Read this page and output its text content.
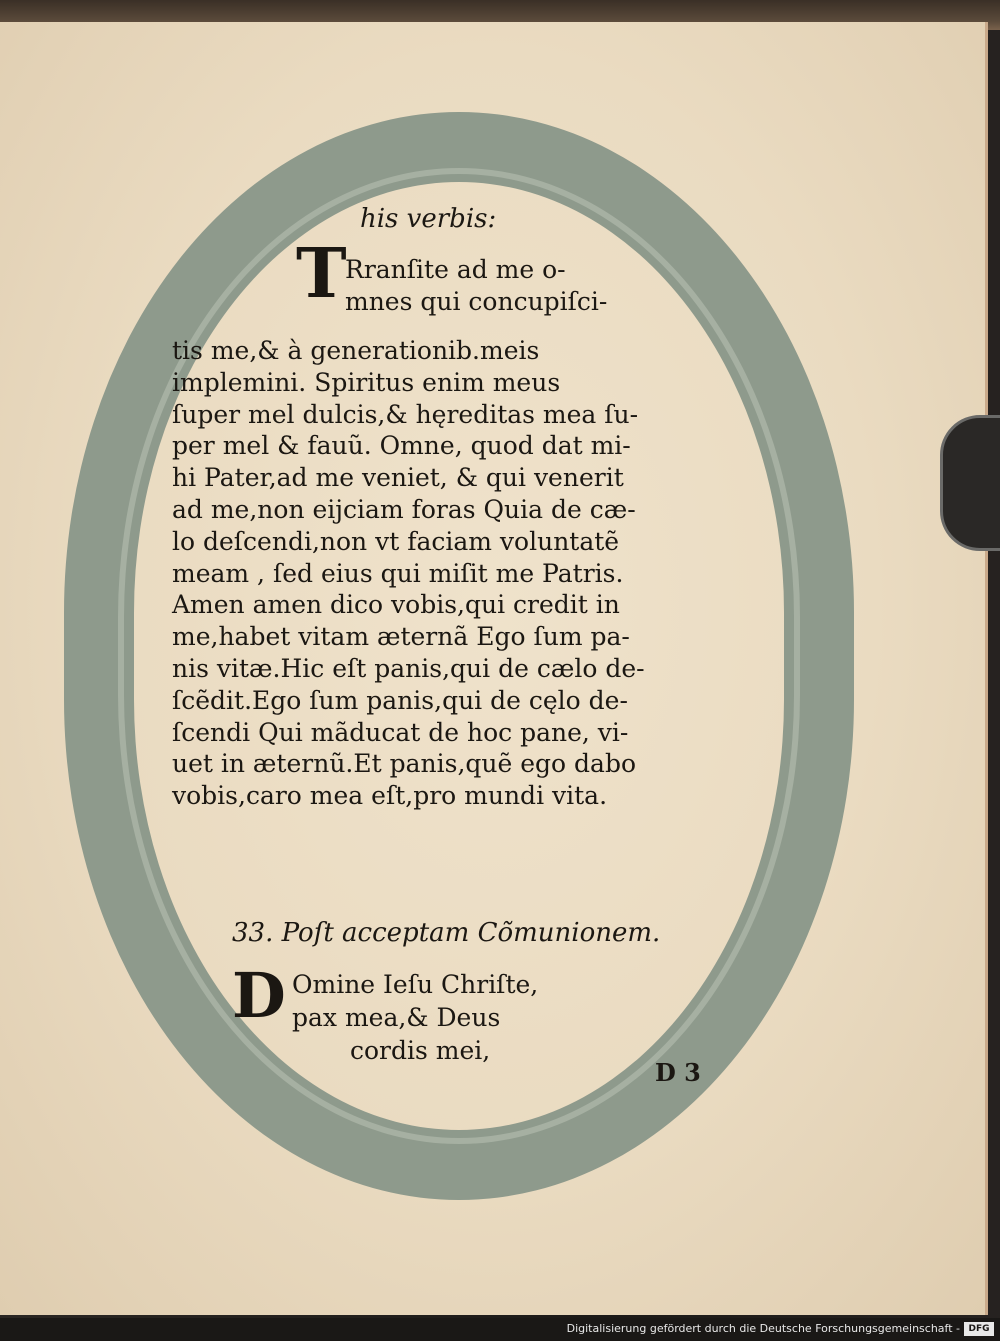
his verbis:
T
Rranſite ad me o-
mnes qui concupiſci-
tis me,& à generationib.meis
implemini. Spiritus enim meus
ſuper mel dulcis,& hęreditas mea ſu-
per mel & fauũ. Omne, quod dat mi-
hi Pater,ad me veniet, & qui venerit
ad me,non eijciam foras Quia de cæ-
lo deſcendi,non vt faciam voluntatẽ
meam , ſed eius qui miſit me Patris.
Amen amen dico vobis,qui credit in
me,habet vitam æternã Ego ſum pa-
nis vitæ.Hic eſt panis,qui de cælo de-
ſcẽdit.Ego ſum panis,qui de cęlo de-
ſcendi Qui mãducat de hoc pane, vi-
uet in æternũ.Et panis,quẽ ego dabo
vobis,caro mea eſt,pro mundi vita.
33. Poſt acceptam Cõmunionem.
D Omine Ieſu Chriſte,
pax mea,& Deus
cordis mei,
D 3
Digitalisierung gefördert durch die Deutsche Forschungsgemeinschaft - DFG
